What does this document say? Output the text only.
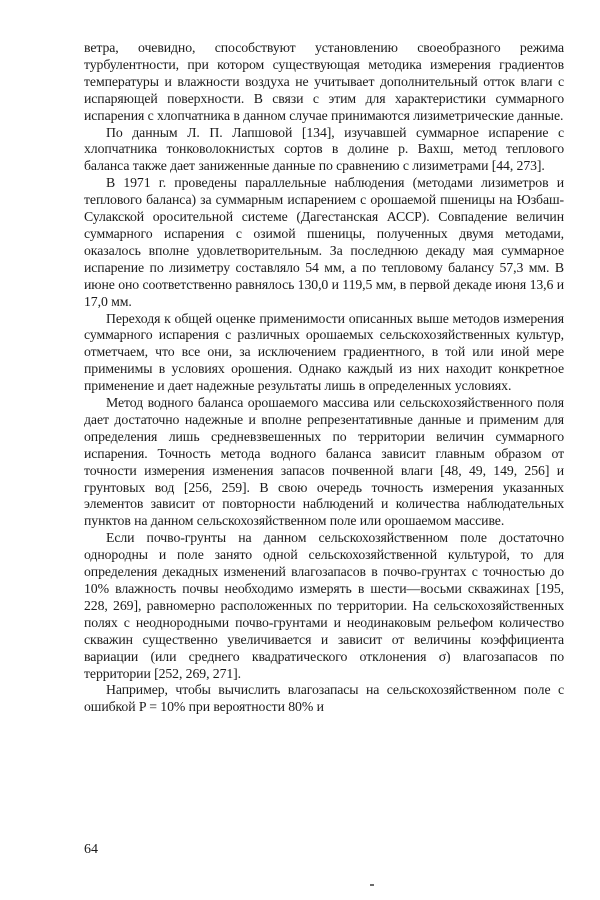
ветра, очевидно, способствуют установлению своеобразного режима турбулентности, при котором существующая методика измерения градиентов температуры и влажности воздуха не учитывает дополнительный отток влаги с испаряющей поверхности. В связи с этим для характеристики суммарного испарения с хлопчатника в данном случае принимаются лизиметрические данные.

По данным Л. П. Лапшовой [134], изучавшей суммарное испарение с хлопчатника тонковолокнистых сортов в долине р. Вахш, метод теплового баланса также дает заниженные данные по сравнению с лизиметрами [44, 273].

В 1971 г. проведены параллельные наблюдения (методами лизиметров и теплового баланса) за суммарным испарением с орошаемой пшеницы на Юзбаш-Сулакской оросительной системе (Дагестанская АССР). Совпадение величин суммарного испарения с озимой пшеницы, полученных двумя методами, оказалось вполне удовлетворительным. За последнюю декаду мая суммарное испарение по лизиметру составляло 54 мм, а по тепловому балансу 57,3 мм. В июне оно соответственно равнялось 130,0 и 119,5 мм, в первой декаде июня 13,6 и 17,0 мм.

Переходя к общей оценке применимости описанных выше методов измерения суммарного испарения с различных орошаемых сельскохозяйственных культур, отметчаем, что все они, за исключением градиентного, в той или иной мере применимы в условиях орошения. Однако каждый из них находит конкретное применение и дает надежные результаты лишь в определенных условиях.

Метод водного баланса орошаемого массива или сельскохозяйственного поля дает достаточно надежные и вполне репрезентативные данные и применим для определения лишь средневзвешенных по территории величин суммарного испарения. Точность метода водного баланса зависит главным образом от точности измерения изменения запасов почвенной влаги [48, 49, 149, 256] и грунтовых вод [256, 259]. В свою очередь точность измерения указанных элементов зависит от повторности наблюдений и количества наблюдательных пунктов на данном сельскохозяйственном поле или орошаемом массиве.

Если почво-грунты на данном сельскохозяйственном поле достаточно однородны и поле занято одной сельскохозяйственной культурой, то для определения декадных изменений влагозапасов в почво-грунтах с точностью до 10% влажность почвы необходимо измерять в шести—восьми скважинах [195, 228, 269], равномерно расположенных по территории. На сельскохозяйственных полях с неоднородными почво-грунтами и неодинаковым рельефом количество скважин существенно увеличивается и зависит от величины коэффициента вариации (или среднего квадратического отклонения σ) влагозапасов по территории [252, 269, 271].

Например, чтобы вычислить влагозапасы на сельскохозяйственном поле с ошибкой P = 10% при вероятности 80% и

64
